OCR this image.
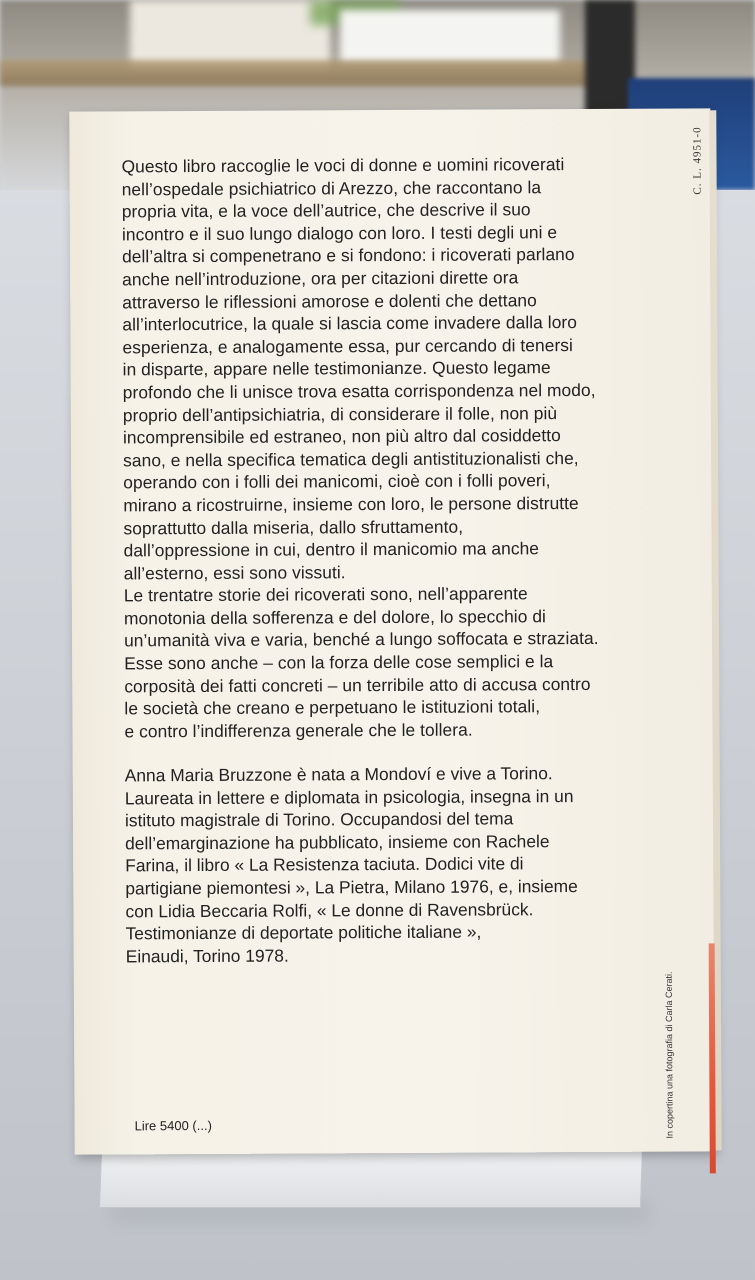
Questo libro raccoglie le voci di donne e uomini ricoverati
nell’ospedale psichiatrico di Arezzo, che raccontano la
propria vita, e la voce dell’autrice, che descrive il suo
incontro e il suo lungo dialogo con loro. I testi degli uni e
dell’altra si compenetrano e si fondono: i ricoverati parlano
anche nell’introduzione, ora per citazioni dirette ora
attraverso le riflessioni amorose e dolenti che dettano
all’interlocutrice, la quale si lascia come invadere dalla loro
esperienza, e analogamente essa, pur cercando di tenersi
in disparte, appare nelle testimonianze. Questo legame
profondo che li unisce trova esatta corrispondenza nel modo,
proprio dell’antipsichiatria, di considerare il folle, non più
incomprensibile ed estraneo, non più altro dal cosiddetto
sano, e nella specifica tematica degli antistituzionalisti che,
operando con i folli dei manicomi, cioè con i folli poveri,
mirano a ricostruirne, insieme con loro, le persone distrutte
soprattutto dalla miseria, dallo sfruttamento,
dall’oppressione in cui, dentro il manicomio ma anche
all’esterno, essi sono vissuti.
Le trentatre storie dei ricoverati sono, nell’apparente
monotonia della sofferenza e del dolore, lo specchio di
un’umanità viva e varia, benché a lungo soffocata e straziata.
Esse sono anche – con la forza delle cose semplici e la
corposità dei fatti concreti – un terribile atto di accusa contro
le società che creano e perpetuano le istituzioni totali,
e contro l’indifferenza generale che le tollera.
Anna Maria Bruzzone è nata a Mondoví e vive a Torino.
Laureata in lettere e diplomata in psicologia, insegna in un
istituto magistrale di Torino. Occupandosi del tema
dell’emarginazione ha pubblicato, insieme con Rachele
Farina, il libro « La Resistenza taciuta. Dodici vite di
partigiane piemontesi », La Pietra, Milano 1976, e, insieme
con Lidia Beccaria Rolfi, « Le donne di Ravensbrück.
Testimonianze di deportate politiche italiane »,
Einaudi, Torino 1978.
Lire 5400 (...)
C. L. 4951-0
In copertina una fotografia di Carla Cerati.
